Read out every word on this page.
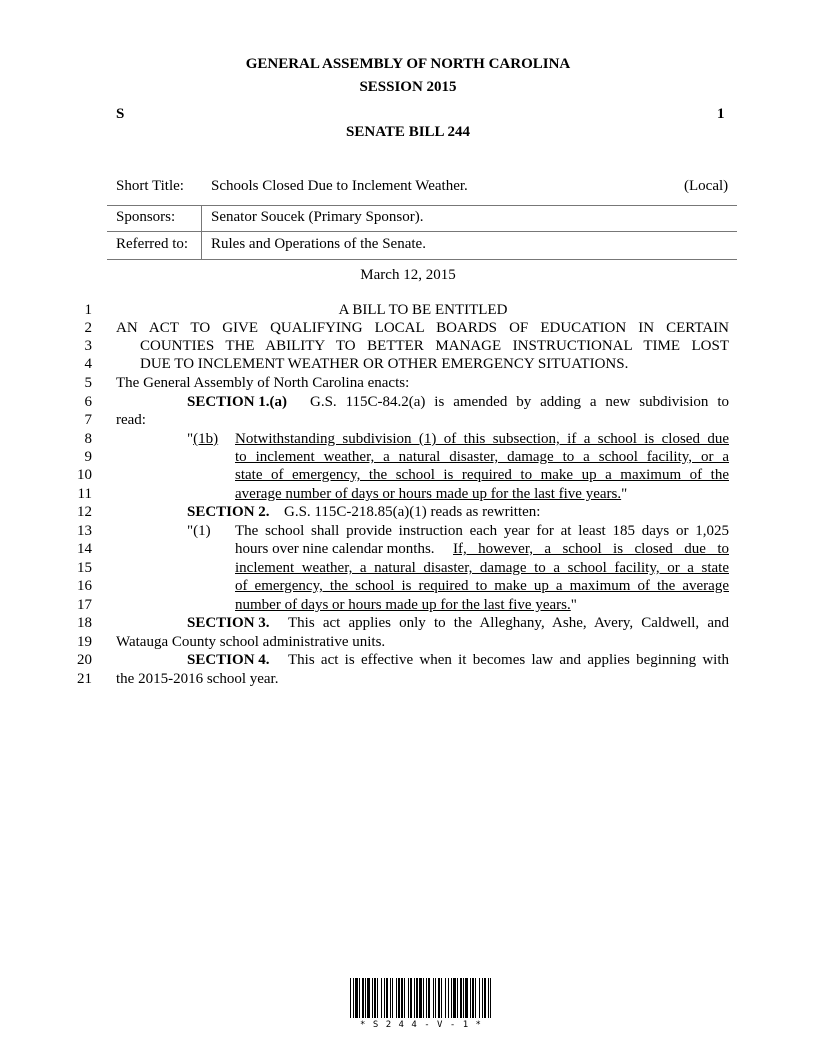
GENERAL ASSEMBLY OF NORTH CAROLINA
SESSION 2015
S	1
SENATE BILL 244
Short Title: Schools Closed Due to Inclement Weather.	(Local)
Sponsors: Senator Soucek (Primary Sponsor).
Referred to: Rules and Operations of the Senate.
March 12, 2015
1	A BILL TO BE ENTITLED
2 AN ACT TO GIVE QUALIFYING LOCAL BOARDS OF EDUCATION IN CERTAIN
3	COUNTIES THE ABILITY TO BETTER MANAGE INSTRUCTIONAL TIME LOST
4	DUE TO INCLEMENT WEATHER OR OTHER EMERGENCY SITUATIONS.
5 The General Assembly of North Carolina enacts:
6	SECTION 1.(a) G.S. 115C-84.2(a) is amended by adding a new subdivision to
7 read:
8	"(1b) Notwithstanding subdivision (1) of this subsection, if a school is closed due
9	to inclement weather, a natural disaster, damage to a school facility, or a
10	state of emergency, the school is required to make up a maximum of the
11	average number of days or hours made up for the last five years."
12	SECTION 2. G.S. 115C-218.85(a)(1) reads as rewritten:
13	"(1) The school shall provide instruction each year for at least 185 days or 1,025
14	hours over nine calendar months. If, however, a school is closed due to
15	inclement weather, a natural disaster, damage to a school facility, or a state
16	of emergency, the school is required to make up a maximum of the average
17	number of days or hours made up for the last five years."
18	SECTION 3. This act applies only to the Alleghany, Ashe, Avery, Caldwell, and
19 Watauga County school administrative units.
20	SECTION 4. This act is effective when it becomes law and applies beginning with
21 the 2015-2016 school year.
* S 2 4 4 - V - 1 *
